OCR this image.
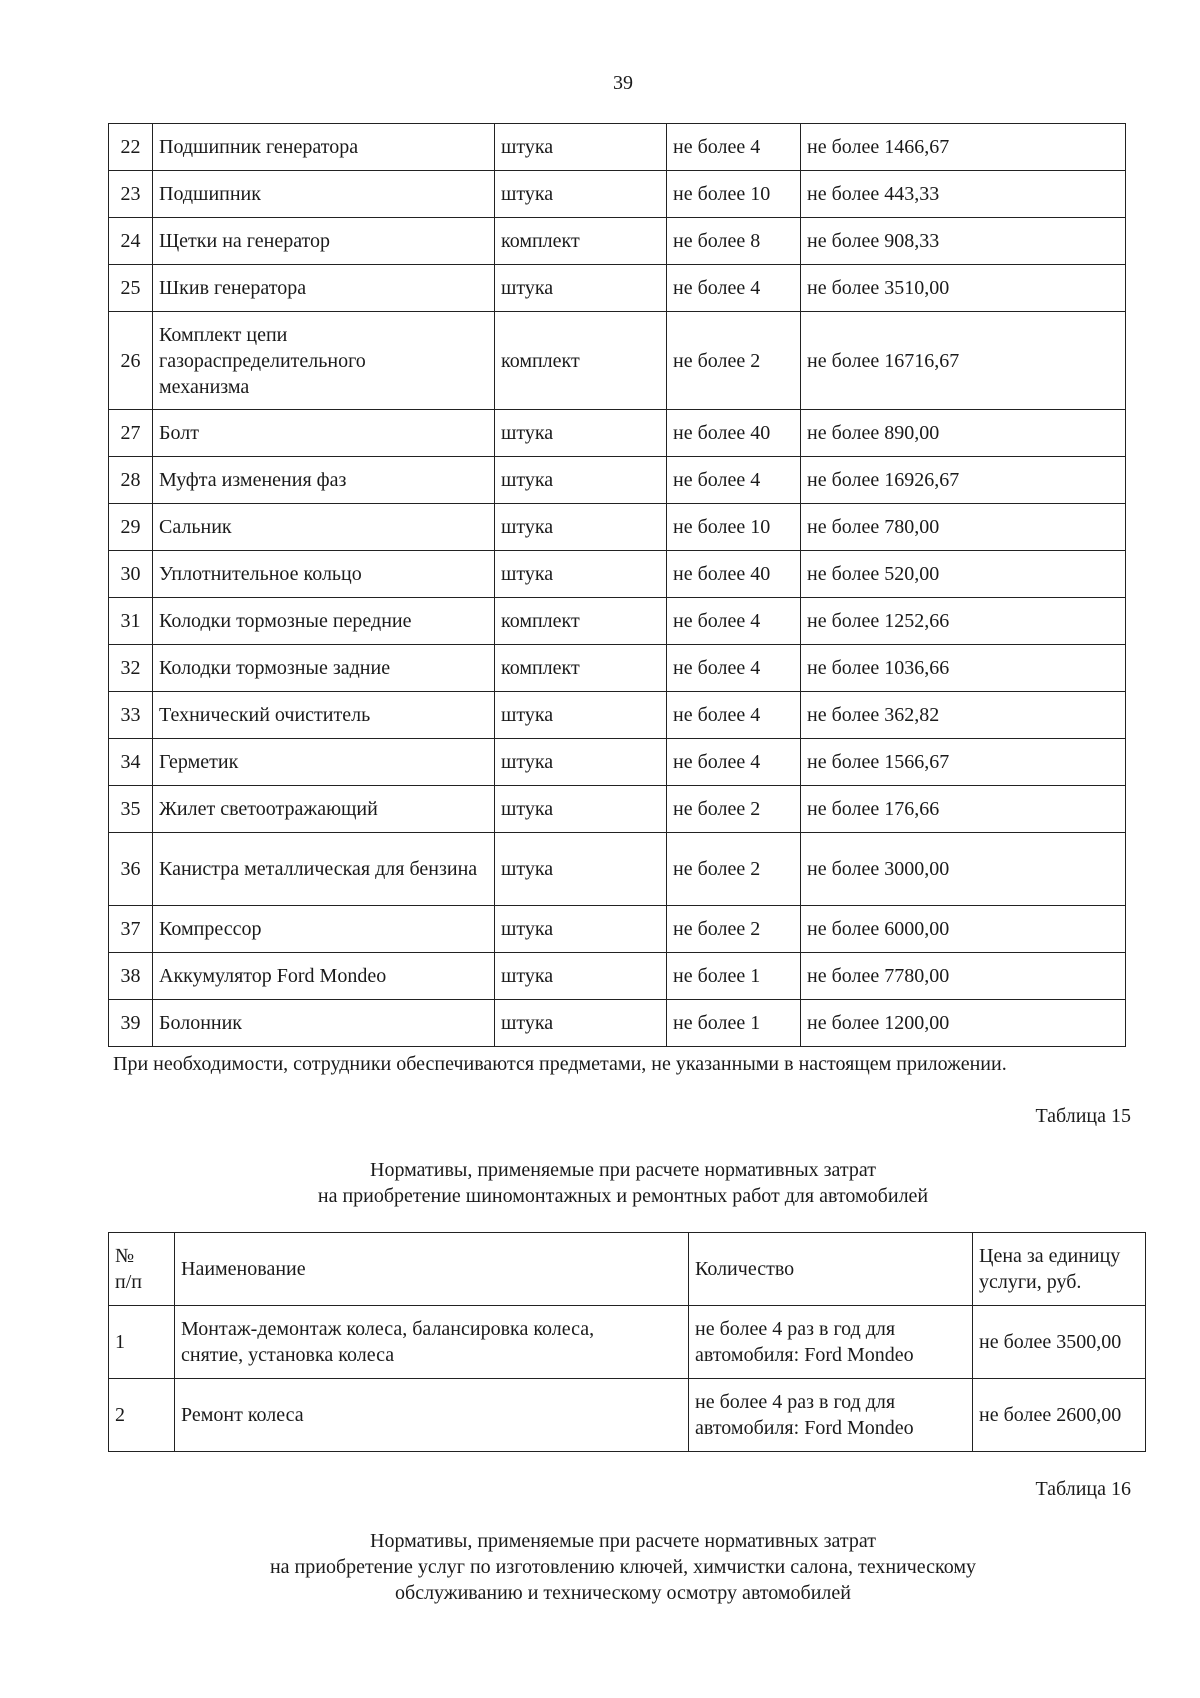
39
22	Подшипник генератора	штука	не более 4	не более 1466,67
23	Подшипник	штука	не более 10	не более 443,33
24	Щетки на генератор	комплект	не более 8	не более 908,33
25	Шкив генератора	штука	не более 4	не более 3510,00
26	Комплект цепи газораспределительного механизма	комплект	не более 2	не более 16716,67
27	Болт	штука	не более 40	не более 890,00
28	Муфта изменения фаз	штука	не более 4	не более 16926,67
29	Сальник	штука	не более 10	не более 780,00
30	Уплотнительное кольцо	штука	не более 40	не более 520,00
31	Колодки тормозные передние	комплект	не более 4	не более 1252,66
32	Колодки тормозные задние	комплект	не более 4	не более 1036,66
33	Технический очиститель	штука	не более 4	не более 362,82
34	Герметик	штука	не более 4	не более 1566,67
35	Жилет светоотражающий	штука	не более 2	не более 176,66
36	Канистра металлическая для бензина	штука	не более 2	не более 3000,00
37	Компрессор	штука	не более 2	не более 6000,00
38	Аккумулятор Ford Mondeo	штука	не более 1	не более 7780,00
39	Болонник	штука	не более 1	не более 1200,00
При необходимости, сотрудники обеспечиваются предметами, не указанными в настоящем приложении.
Таблица 15
Нормативы, применяемые при расчете нормативных затрат
на приобретение шиномонтажных и ремонтных работ для автомобилей
№ п/п	Наименование	Количество	Цена за единицу услуги, руб.
1	Монтаж-демонтаж колеса, балансировка колеса, снятие, установка колеса	не более 4 раз в год для автомобиля: Ford Mondeo	не более 3500,00
2	Ремонт колеса	не более 4 раз в год для автомобиля: Ford Mondeo	не более 2600,00
Таблица 16
Нормативы, применяемые при расчете нормативных затрат
на приобретение услуг по изготовлению ключей, химчистки салона, техническому
обслуживанию и техническому осмотру автомобилей
